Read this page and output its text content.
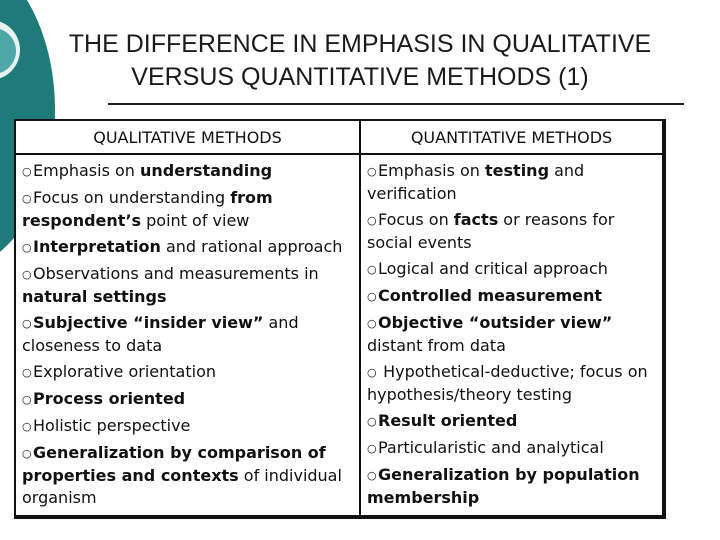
THE DIFFERENCE IN EMPHASIS IN QUALITATIVE
VERSUS QUANTITATIVE METHODS (1)
QUALITATIVE METHODS
○Emphasis on understanding
○Focus on understanding from respondent’s point of view
○Interpretation and rational approach
○Observations and measurements in natural settings
○Subjective “insider view” and closeness to data
○Explorative orientation
○Process oriented
○Holistic perspective
○Generalization by comparison of properties and contexts of individual organism
QUANTITATIVE METHODS
○Emphasis on testing and verification
○Focus on facts or reasons for social events
○Logical and critical approach
○Controlled measurement
○Objective “outsider view” distant from data
○ Hypothetical-deductive; focus on hypothesis/theory testing
○Result oriented
○Particularistic and analytical
○Generalization by population membership
